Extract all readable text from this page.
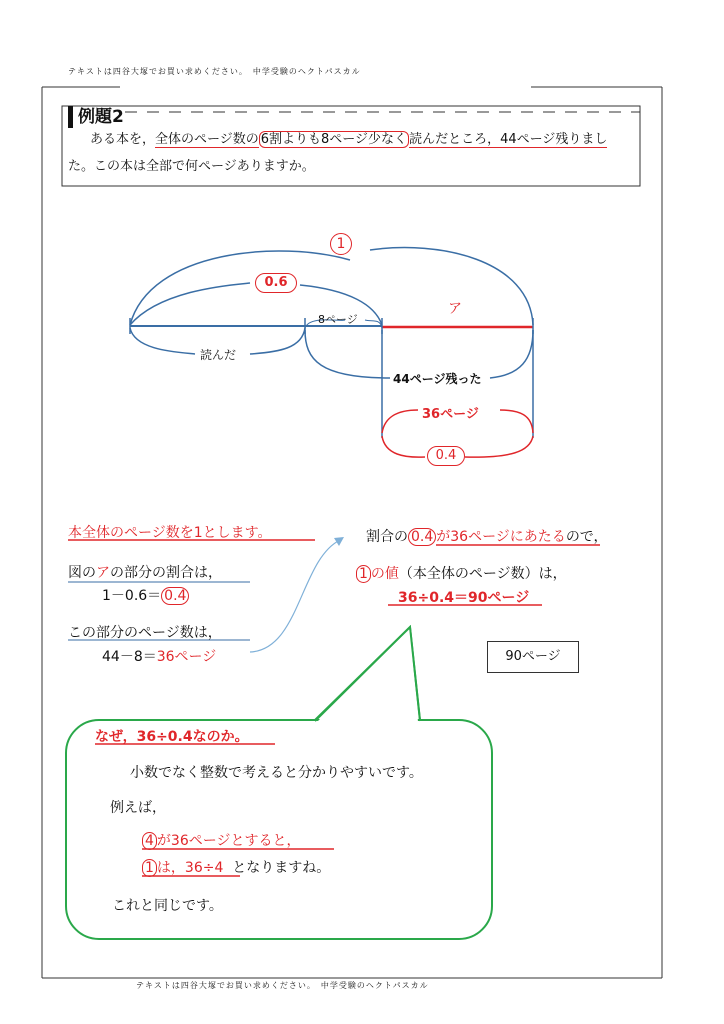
テキストは四谷大塚でお買い求めください。　中学受験のヘクトパスカル
テキストは四谷大塚でお買い求めください。　中学受験のヘクトパスカル
例題2
ある本を，全体のページ数の 6割よりも8ページ少なく 読んだところ，44ページ残りまし
た。この本は全部で何ページありますか。
1
0.6
8ページ
ア
読んだ
44ページ残った
36ページ
0.4
本全体のページ数を1とします。
図のアの部分の割合は，
1－0.6＝ 0.4
この部分のページ数は，
44－8＝36ページ
割合の 0.4 が36ページにあたるので，
1 の値（本全体のページ数）は，
36÷0.4＝90ページ
90ページ
なぜ，36÷0.4なのか。
小数でなく整数で考えると分かりやすいです。
例えば，
4 が36ページとすると，
1 は，36÷4 となりますね。
これと同じです。
